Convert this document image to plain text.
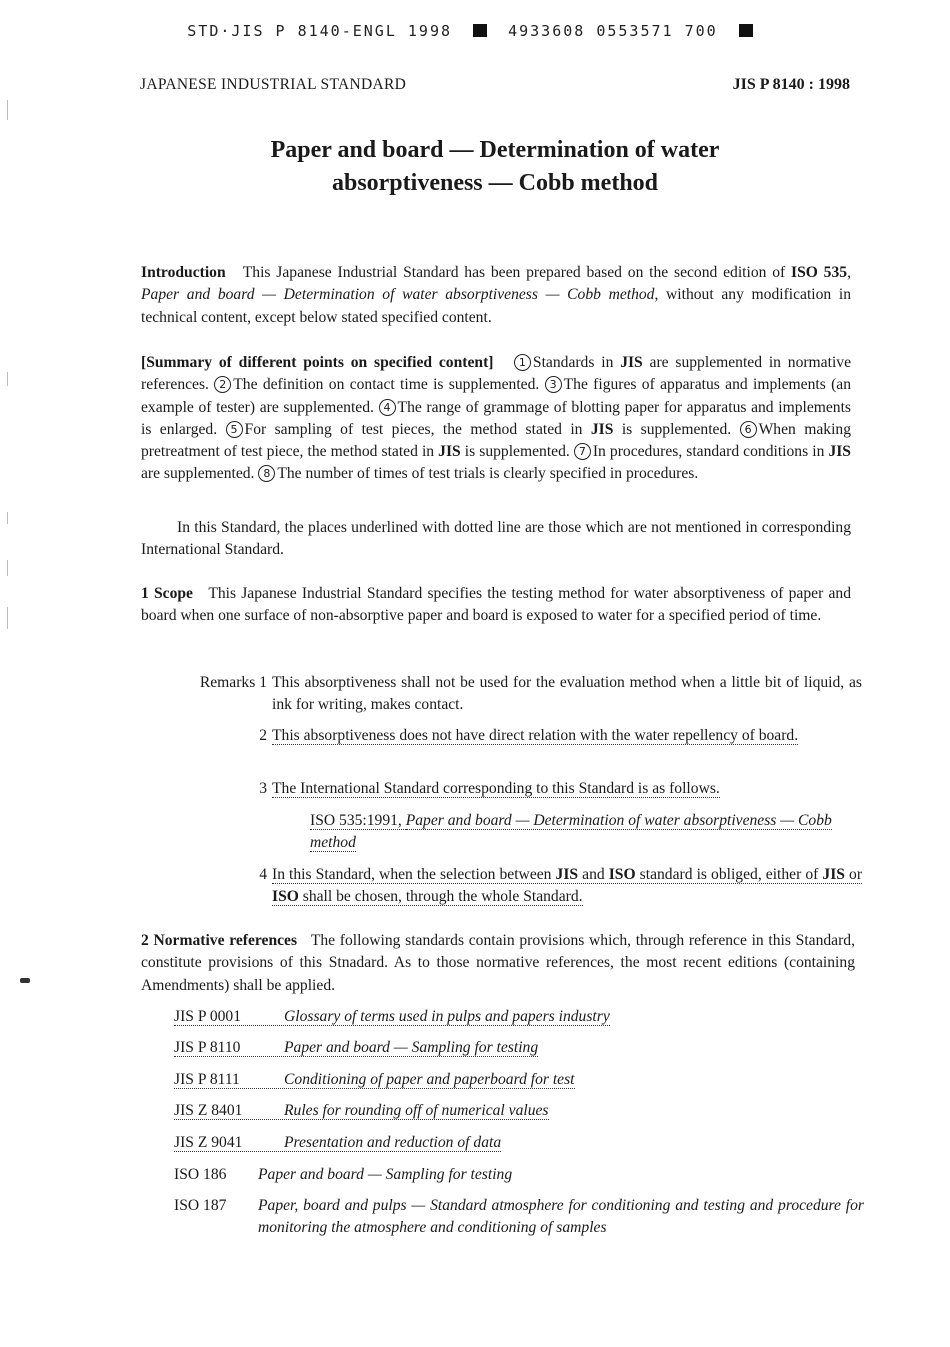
STD·JIS P 8140-ENGL 1998	4933608 0553571 700
JAPANESE INDUSTRIAL STANDARD	JIS P 8140 : 1998
Paper and board — Determination of water
absorptiveness — Cobb method
Introduction This Japanese Industrial Standard has been prepared based on the second edition of ISO 535, Paper and board — Determination of water absorptiveness — Cobb method, without any modification in technical content, except below stated specified content.
[Summary of different points on specified content] 1 Standards in JIS are supplemented in normative references. 2 The definition on contact time is supplemented. 3 The figures of apparatus and implements (an example of tester) are supplemented. 4 The range of grammage of blotting paper for apparatus and implements is enlarged. 5 For sampling of test pieces, the method stated in JIS is supplemented. 6 When making pretreatment of test piece, the method stated in JIS is supplemented. 7 In procedures, standard conditions in JIS are supplemented. 8 The number of times of test trials is clearly specified in procedures.
In this Standard, the places underlined with dotted line are those which are not mentioned in corresponding International Standard.
1 Scope This Japanese Industrial Standard specifies the testing method for water absorptiveness of paper and board when one surface of non-absorptive paper and board is exposed to water for a specified period of time.
Remarks 1 This absorptiveness shall not be used for the evaluation method when a little bit of liquid, as ink for writing, makes contact.
2 This absorptiveness does not have direct relation with the water repellency of board.
3 The International Standard corresponding to this Standard is as follows.
ISO 535:1991, Paper and board — Determination of water absorptiveness — Cobb method
4 In this Standard, when the selection between JIS and ISO standard is obliged, either of JIS or ISO shall be chosen, through the whole Standard.
2 Normative references The following standards contain provisions which, through reference in this Standard, constitute provisions of this Stnadard. As to those normative references, the most recent editions (containing Amendments) shall be applied.
JIS P 0001	Glossary of terms used in pulps and papers industry
JIS P 8110	Paper and board — Sampling for testing
JIS P 8111	Conditioning of paper and paperboard for test
JIS Z 8401	Rules for rounding off of numerical values
JIS Z 9041	Presentation and reduction of data
ISO 186 Paper and board — Sampling for testing
ISO 187 Paper, board and pulps — Standard atmosphere for conditioning and testing and procedure for monitoring the atmosphere and conditioning of samples
